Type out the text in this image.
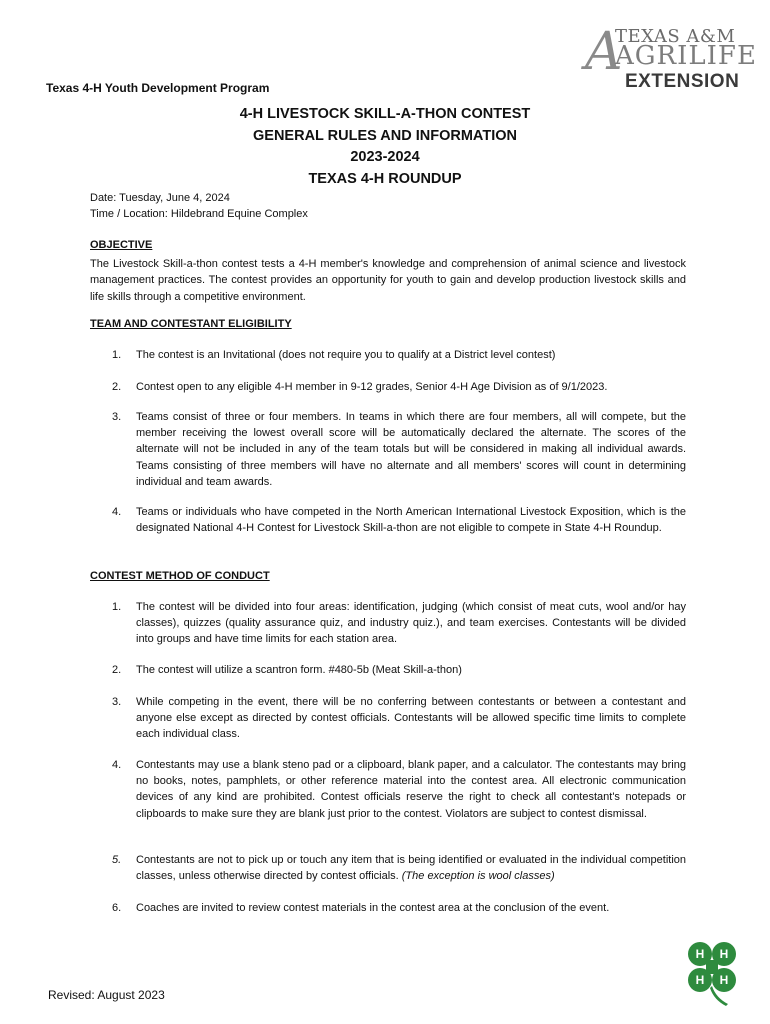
Texas 4-H Youth Development Program
A
TEXAS A&M
AGRILIFE
EXTENSION
4-H LIVESTOCK SKILL-A-THON CONTEST
GENERAL RULES AND INFORMATION
2023-2024
TEXAS 4-H ROUNDUP
Date: Tuesday, June 4, 2024
Time / Location: Hildebrand Equine Complex
OBJECTIVE
The Livestock Skill-a-thon contest tests a 4-H member's knowledge and comprehension of animal science and livestock management practices. The contest provides an opportunity for youth to gain and develop production livestock skills and life skills through a competitive environment.
TEAM AND CONTESTANT ELIGIBILITY
1.	The contest is an Invitational (does not require you to qualify at a District level contest)
2.	Contest open to any eligible 4-H member in 9-12 grades, Senior 4-H Age Division as of 9/1/2023.
3.	Teams consist of three or four members. In teams in which there are four members, all will compete, but the member receiving the lowest overall score will be automatically declared the alternate. The scores of the alternate will not be included in any of the team totals but will be considered in making all individual awards. Teams consisting of three members will have no alternate and all members' scores will count in determining individual and team awards.
4.	Teams or individuals who have competed in the North American International Livestock Exposition, which is the designated National 4-H Contest for Livestock Skill-a-thon are not eligible to compete in State 4-H Roundup.
CONTEST METHOD OF CONDUCT
1.	The contest will be divided into four areas: identification, judging (which consist of meat cuts, wool and/or hay classes), quizzes (quality assurance quiz, and industry quiz.), and team exercises. Contestants will be divided into groups and have time limits for each station area.
2.	The contest will utilize a scantron form. #480-5b (Meat Skill-a-thon)
3.	While competing in the event, there will be no conferring between contestants or between a contestant and anyone else except as directed by contest officials. Contestants will be allowed specific time limits to complete each individual class.
4.	Contestants may use a blank steno pad or a clipboard, blank paper, and a calculator. The contestants may bring no books, notes, pamphlets, or other reference material into the contest area. All electronic communication devices of any kind are prohibited. Contest officials reserve the right to check all contestant's notepads or clipboards to make sure they are blank just prior to the contest. Violators are subject to contest dismissal.
5.	Contestants are not to pick up or touch any item that is being identified or evaluated in the individual competition classes, unless otherwise directed by contest officials. (The exception is wool classes)
6.	Coaches are invited to review contest materials in the contest area at the conclusion of the event.
Revised: August 2023
H H
H H
